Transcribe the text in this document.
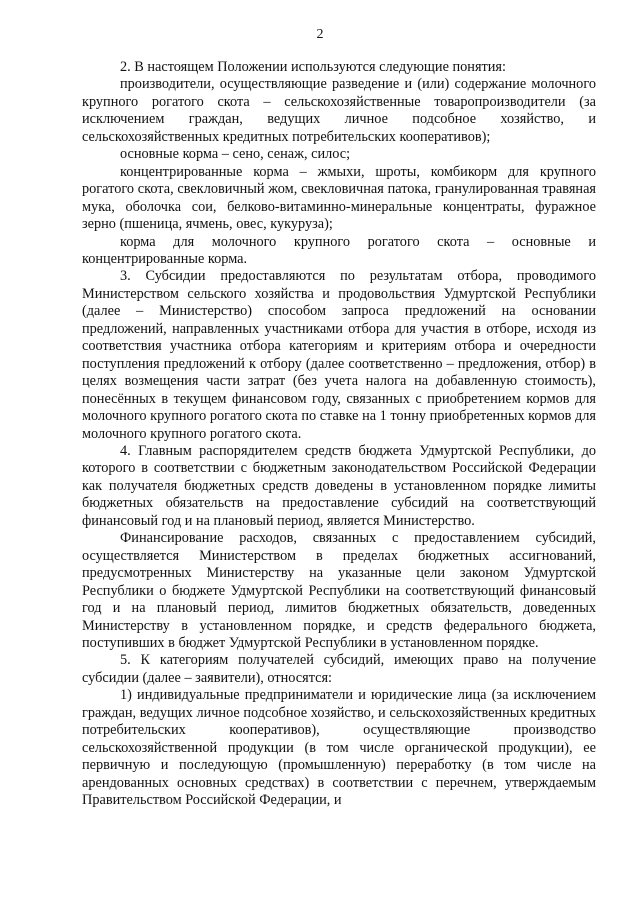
2

2. В настоящем Положении используются следующие понятия:

производители, осуществляющие разведение и (или) содержание молочного крупного рогатого скота – сельскохозяйственные товаропроизводители (за исключением граждан, ведущих личное подсобное хозяйство, и сельскохозяйственных кредитных потребительских кооперативов);

основные корма – сено, сенаж, силос;

концентрированные корма – жмыхи, шроты, комбикорм для крупного рогатого скота, свекловичный жом, свекловичная патока, гранулированная травяная мука, оболочка сои, белково-витаминно-минеральные концентраты, фуражное зерно (пшеница, ячмень, овес, кукуруза);

корма для молочного крупного рогатого скота – основные и концентрированные корма.

3. Субсидии предоставляются по результатам отбора, проводимого Министерством сельского хозяйства и продовольствия Удмуртской Республики (далее – Министерство) способом запроса предложений на основании предложений, направленных участниками отбора для участия в отборе, исходя из соответствия участника отбора категориям и критериям отбора и очередности поступления предложений к отбору (далее соответственно – предложения, отбор) в целях возмещения части затрат (без учета налога на добавленную стоимость), понесённых в текущем финансовом году, связанных с приобретением кормов для молочного крупного рогатого скота по ставке на 1 тонну приобретенных кормов для молочного крупного рогатого скота.

4. Главным распорядителем средств бюджета Удмуртской Республики, до которого в соответствии с бюджетным законодательством Российской Федерации как получателя бюджетных средств доведены в установленном порядке лимиты бюджетных обязательств на предоставление субсидий на соответствующий финансовый год и на плановый период, является Министерство.

Финансирование расходов, связанных с предоставлением субсидий, осуществляется Министерством в пределах бюджетных ассигнований, предусмотренных Министерству на указанные цели законом Удмуртской Республики о бюджете Удмуртской Республики на соответствующий финансовый год и на плановый период, лимитов бюджетных обязательств, доведенных Министерству в установленном порядке, и средств федерального бюджета, поступивших в бюджет Удмуртской Республики в установленном порядке.

5. К категориям получателей субсидий, имеющих право на получение субсидии (далее – заявители), относятся:

1) индивидуальные предприниматели и юридические лица (за исключением граждан, ведущих личное подсобное хозяйство, и сельскохозяйственных кредитных потребительских кооперативов), осуществляющие производство сельскохозяйственной продукции (в том числе органической продукции), ее первичную и последующую (промышленную) переработку (в том числе на арендованных основных средствах) в соответствии с перечнем, утверждаемым Правительством Российской Федерации, и
